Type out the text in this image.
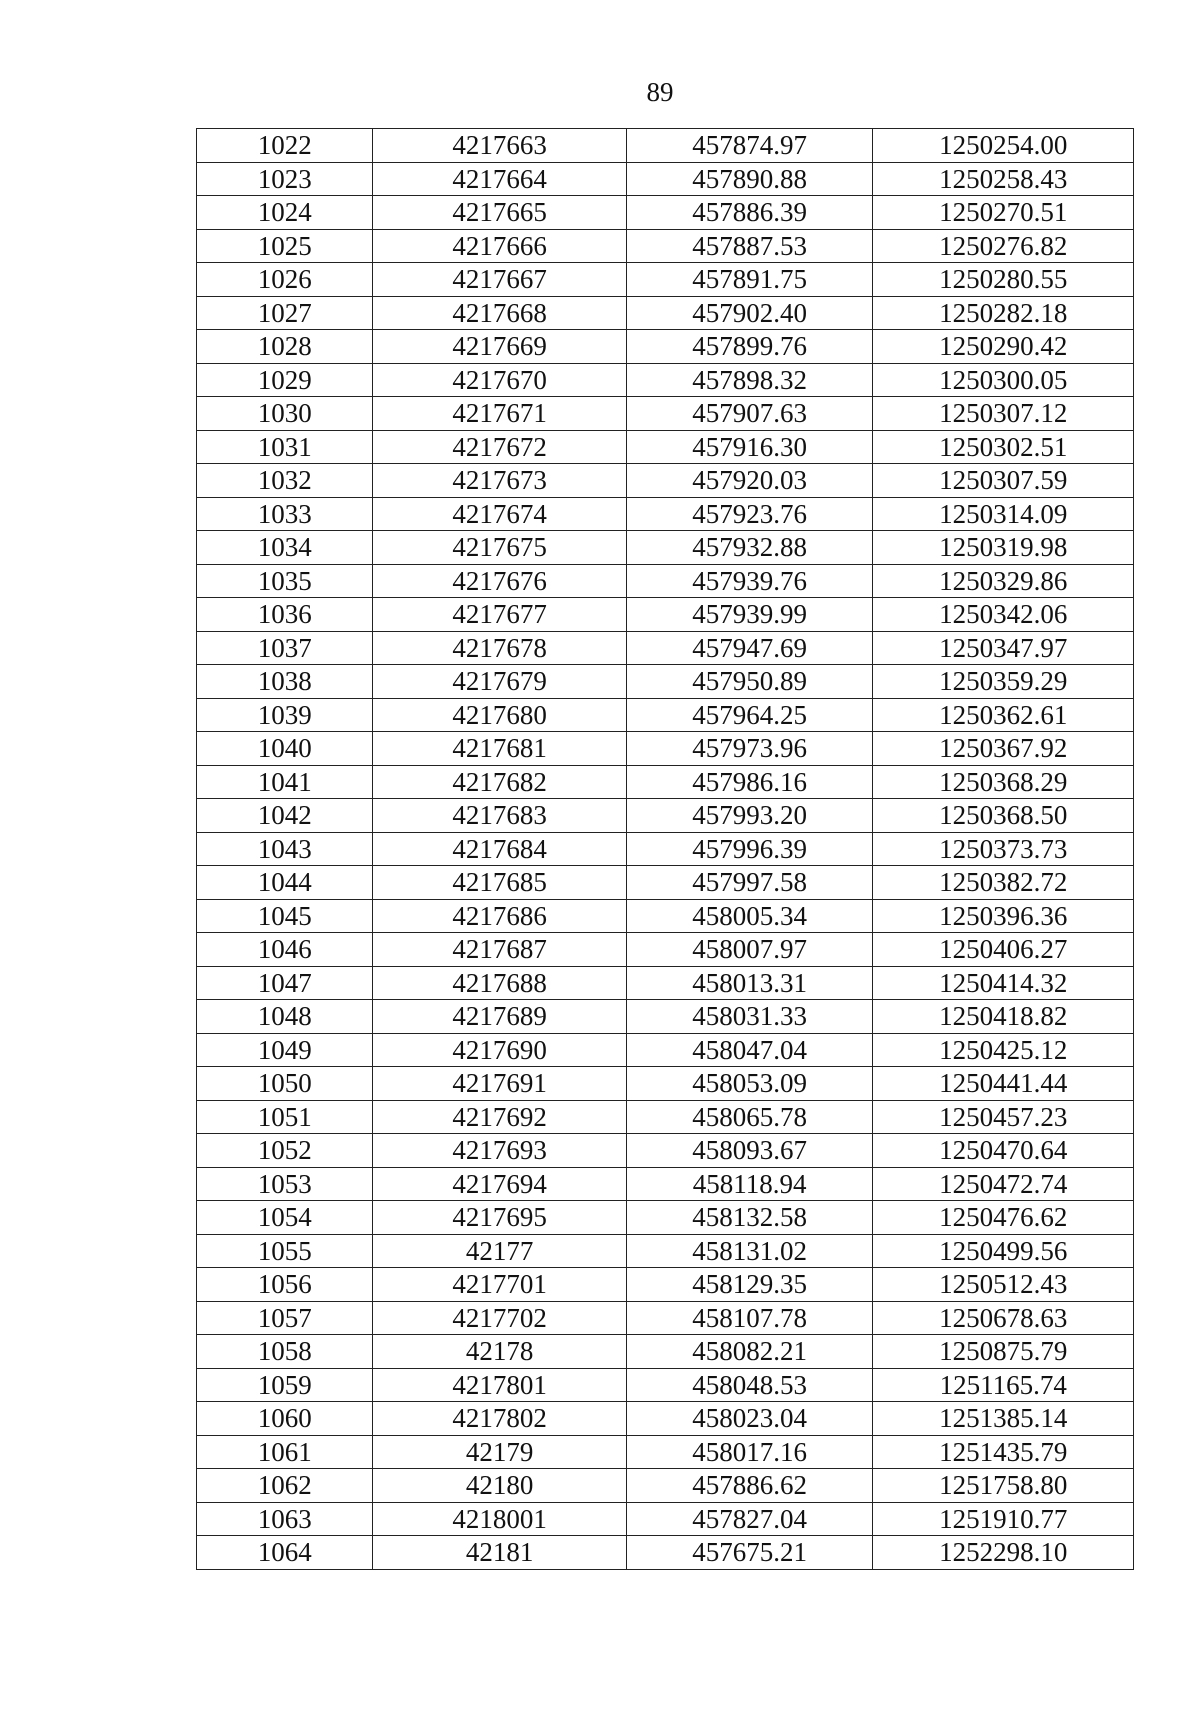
89
1022	4217663	457874.97	1250254.00
1023	4217664	457890.88	1250258.43
1024	4217665	457886.39	1250270.51
1025	4217666	457887.53	1250276.82
1026	4217667	457891.75	1250280.55
1027	4217668	457902.40	1250282.18
1028	4217669	457899.76	1250290.42
1029	4217670	457898.32	1250300.05
1030	4217671	457907.63	1250307.12
1031	4217672	457916.30	1250302.51
1032	4217673	457920.03	1250307.59
1033	4217674	457923.76	1250314.09
1034	4217675	457932.88	1250319.98
1035	4217676	457939.76	1250329.86
1036	4217677	457939.99	1250342.06
1037	4217678	457947.69	1250347.97
1038	4217679	457950.89	1250359.29
1039	4217680	457964.25	1250362.61
1040	4217681	457973.96	1250367.92
1041	4217682	457986.16	1250368.29
1042	4217683	457993.20	1250368.50
1043	4217684	457996.39	1250373.73
1044	4217685	457997.58	1250382.72
1045	4217686	458005.34	1250396.36
1046	4217687	458007.97	1250406.27
1047	4217688	458013.31	1250414.32
1048	4217689	458031.33	1250418.82
1049	4217690	458047.04	1250425.12
1050	4217691	458053.09	1250441.44
1051	4217692	458065.78	1250457.23
1052	4217693	458093.67	1250470.64
1053	4217694	458118.94	1250472.74
1054	4217695	458132.58	1250476.62
1055	42177	458131.02	1250499.56
1056	4217701	458129.35	1250512.43
1057	4217702	458107.78	1250678.63
1058	42178	458082.21	1250875.79
1059	4217801	458048.53	1251165.74
1060	4217802	458023.04	1251385.14
1061	42179	458017.16	1251435.79
1062	42180	457886.62	1251758.80
1063	4218001	457827.04	1251910.77
1064	42181	457675.21	1252298.10
